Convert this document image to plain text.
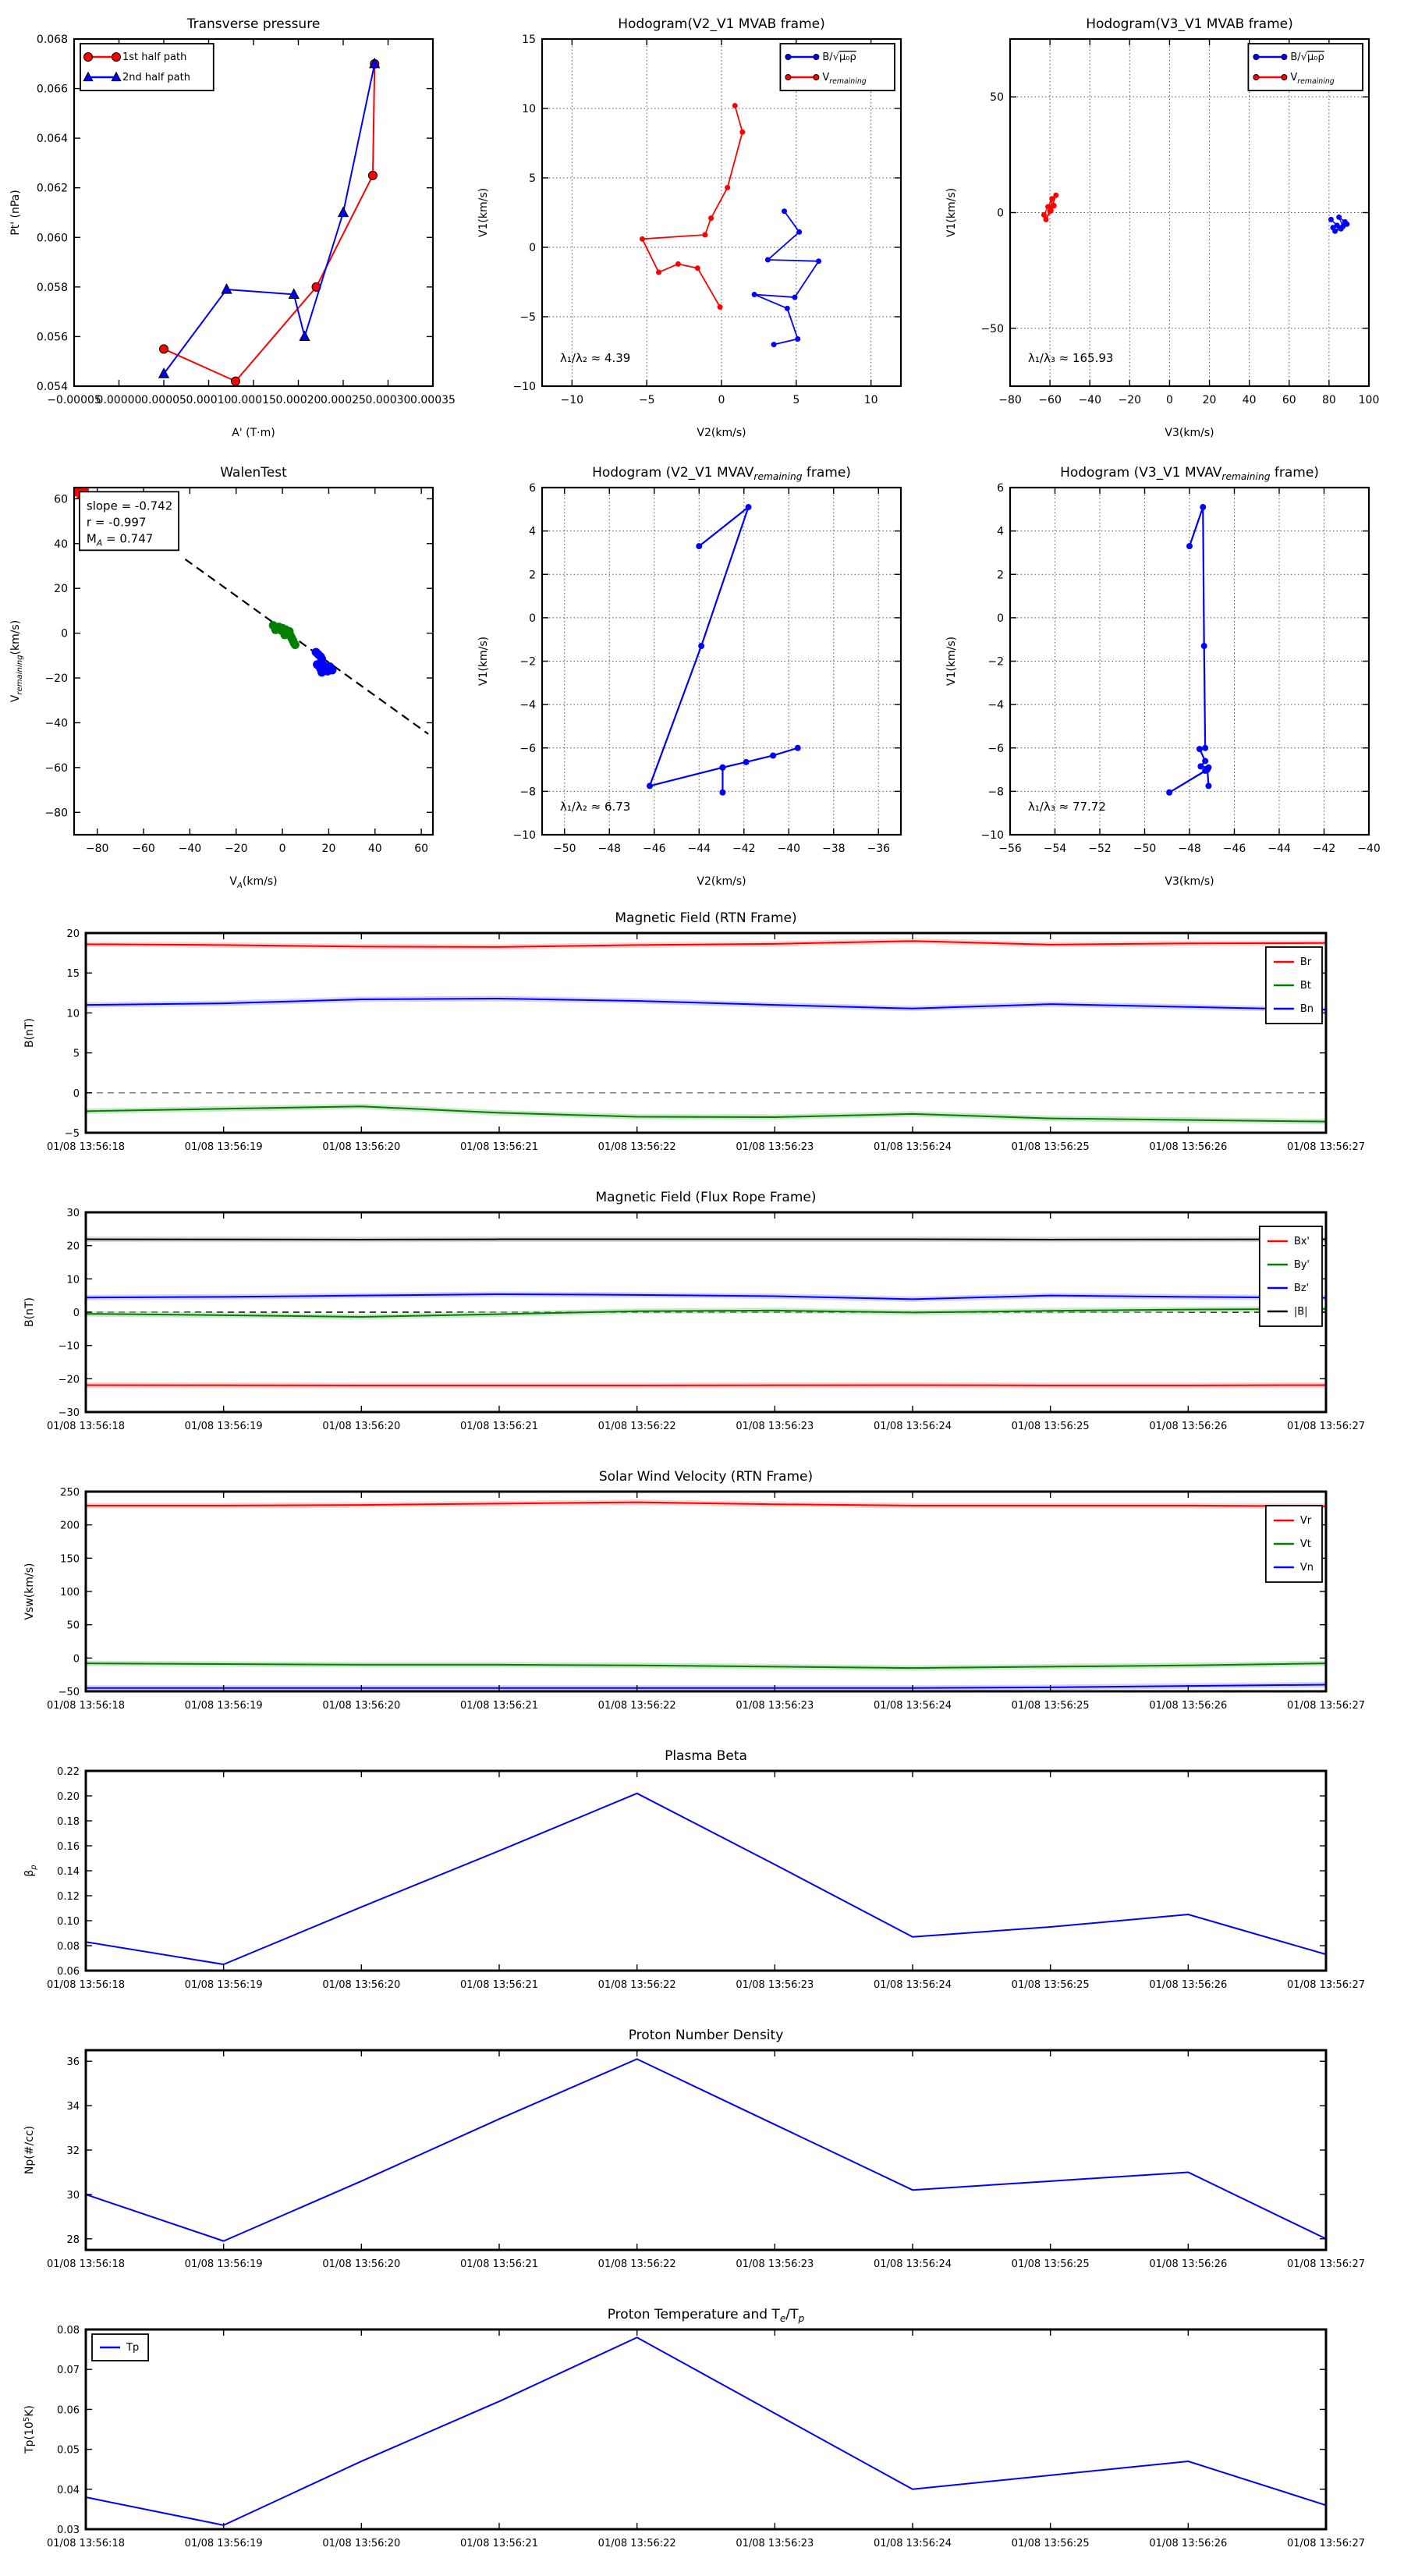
−0.00005
0.00000 0.00005 0.00010 0.00015 0.00020 0.00025 0.00030 0.00035
0.054
0.056
0.058
0.060
0.062
0.064
0.066
0.068
Transverse pressure
A' (T·m)
Pt' (nPa)
1st half path
2nd half path
−10	−5	0	5	10
−10
−5
0
5
10
15
Hodogram(V2_V1 MVAB frame)
V2(km/s)
V1(km/s)
B/√μ₀ρ
$V_{remaining}$
λ₁/λ₂ ≈ 4.39
−80 −60 −40 −20 0	20 40 60 80 100
−50
0
50
Hodogram(V3_V1 MVAB frame)
V3(km/s)
V1(km/s)
B/√μ₀ρ
$V_{remaining}$
λ₁/λ₃ ≈ 165.93
−80 −60 −40 −20	0	20	40	60
−80
−60
−40
−20
0
20
40
60
WalenTest
$V_A(km/s)$
$V_{remaining}(km/s)$
slope = -0.742
r = -0.997
$M_A = 0.747$
−50 −48 −46 −44 −42 −40 −38 −36
−10
−8
−6
−4
−2
0
2
4
6
Hodogram (V2_V1 $MVAV_{remaining}$ frame)
V2(km/s)
V1(km/s)
λ₁/λ₂ ≈ 6.73
−56 −54 −52 −50 −48 −46 −44 −42 −40
−10
−8
−6
−4
−2
0
2
4
6
Hodogram (V3_V1 $MVAV_{remaining}$ frame)
V3(km/s)
V1(km/s)
λ₁/λ₃ ≈ 77.72
01/08 13:56:18	01/08 13:56:19	01/08 13:56:20	01/08 13:56:21	01/08 13:56:22	01/08 13:56:23	01/08 13:56:24	01/08 13:56:25	01/08 13:56:26	01/08 13:56:27
−5
0
5
10
15
20
Magnetic Field (RTN Frame)
B(nT)
Br
Bt
Bn
01/08 13:56:18	01/08 13:56:19	01/08 13:56:20	01/08 13:56:21	01/08 13:56:22	01/08 13:56:23	01/08 13:56:24	01/08 13:56:25	01/08 13:56:26	01/08 13:56:27
−30
−20
−10
0
10
20
30
Magnetic Field (Flux Rope Frame)
B(nT)
Bx'
By'
Bz'
|B|
01/08 13:56:18	01/08 13:56:19	01/08 13:56:20	01/08 13:56:21	01/08 13:56:22	01/08 13:56:23	01/08 13:56:24	01/08 13:56:25	01/08 13:56:26	01/08 13:56:27
−50
0
50
100
150
200
250
Solar Wind Velocity (RTN Frame)
Vsw(km/s)
Vr
Vt
Vn
01/08 13:56:18	01/08 13:56:19	01/08 13:56:20	01/08 13:56:21	01/08 13:56:22	01/08 13:56:23	01/08 13:56:24	01/08 13:56:25	01/08 13:56:26	01/08 13:56:27
0.06
0.08
0.10
0.12
0.14
0.16
0.18
0.20
0.22
Plasma Beta
$\beta_p$
01/08 13:56:18	01/08 13:56:19	01/08 13:56:20	01/08 13:56:21	01/08 13:56:22	01/08 13:56:23	01/08 13:56:24	01/08 13:56:25	01/08 13:56:26	01/08 13:56:27
28
30
32
34
36
Proton Number Density
Np(#/cc)
01/08 13:56:18	01/08 13:56:19	01/08 13:56:20	01/08 13:56:21	01/08 13:56:22	01/08 13:56:23	01/08 13:56:24	01/08 13:56:25	01/08 13:56:26	01/08 13:56:27
0.03
0.04
0.05
0.06
0.07
0.08
Proton Temperature and $T_e/T_p$
$Tp(10^5K)$
Tp
